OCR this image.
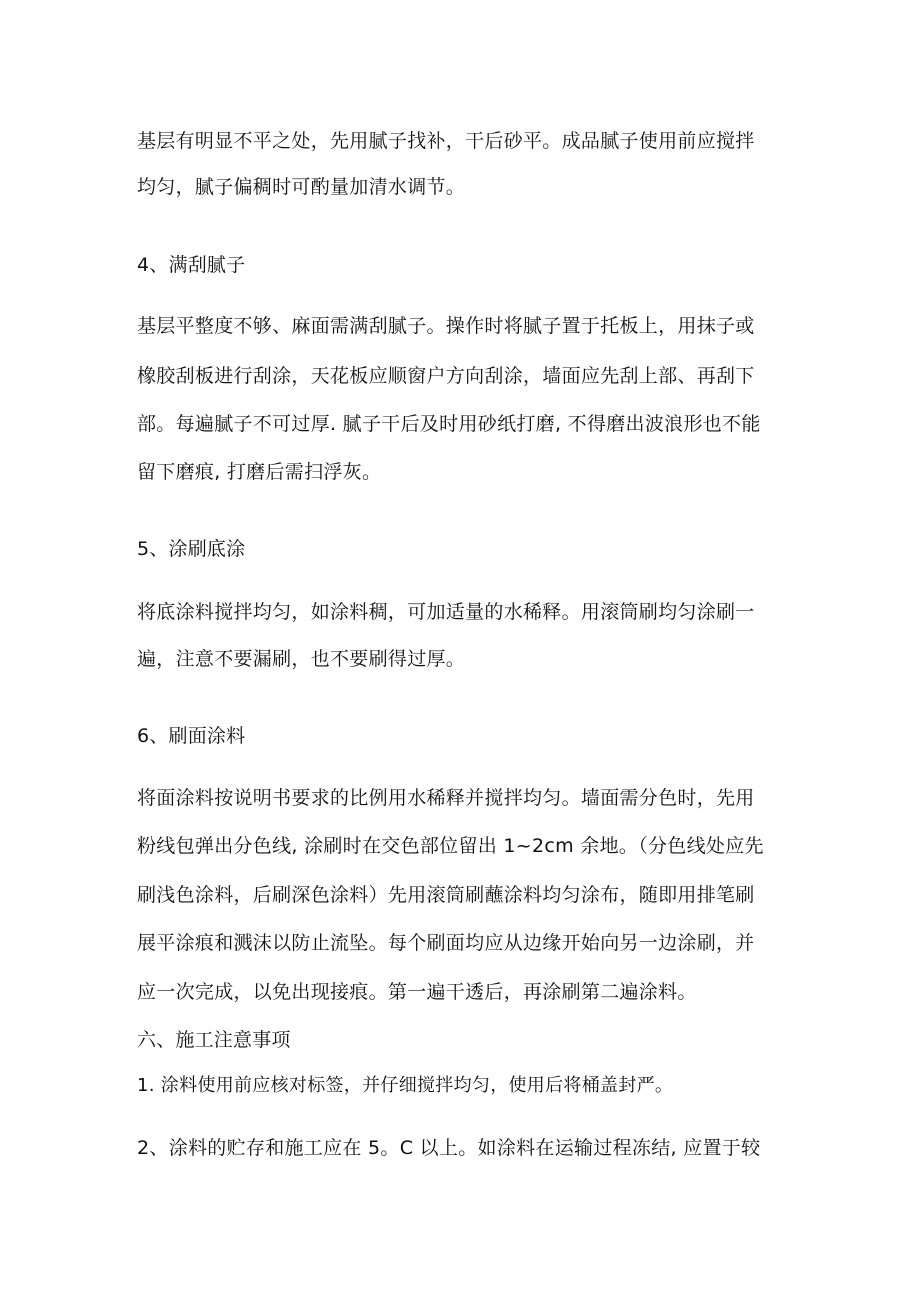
基层有明显不平之处，先用腻子找补，干后砂平。成品腻子使用前应搅拌
均匀，腻子偏稠时可酌量加清水调节。
4、满刮腻子
基层平整度不够、麻面需满刮腻子。操作时将腻子置于托板上，用抹子或
橡胶刮板进行刮涂，天花板应顺窗户方向刮涂，墙面应先刮上部、再刮下
部。每遍腻子不可过厚. 腻子干后及时用砂纸打磨, 不得磨出波浪形也不能
留下磨痕, 打磨后需扫浮灰。
5、涂刷底涂
将底涂料搅拌均匀，如涂料稠，可加适量的水稀释。用滚筒刷均匀涂刷一
遍，注意不要漏刷，也不要刷得过厚。
6、刷面涂料
将面涂料按说明书要求的比例用水稀释并搅拌均匀。墙面需分色时，先用
粉线包弹出分色线, 涂刷时在交色部位留出 1~2cm 余地。（分色线处应先
刷浅色涂料，后刷深色涂料）先用滚筒刷蘸涂料均匀涂布，随即用排笔刷
展平涂痕和溅沫以防止流坠。每个刷面均应从边缘开始向另一边涂刷，并
应一次完成，以免出现接痕。第一遍干透后，再涂刷第二遍涂料。
六、施工注意事项
1. 涂料使用前应核对标签，并仔细搅拌均匀，使用后将桶盖封严。
2、涂料的贮存和施工应在 5。C 以上。如涂料在运输过程冻结, 应置于较
